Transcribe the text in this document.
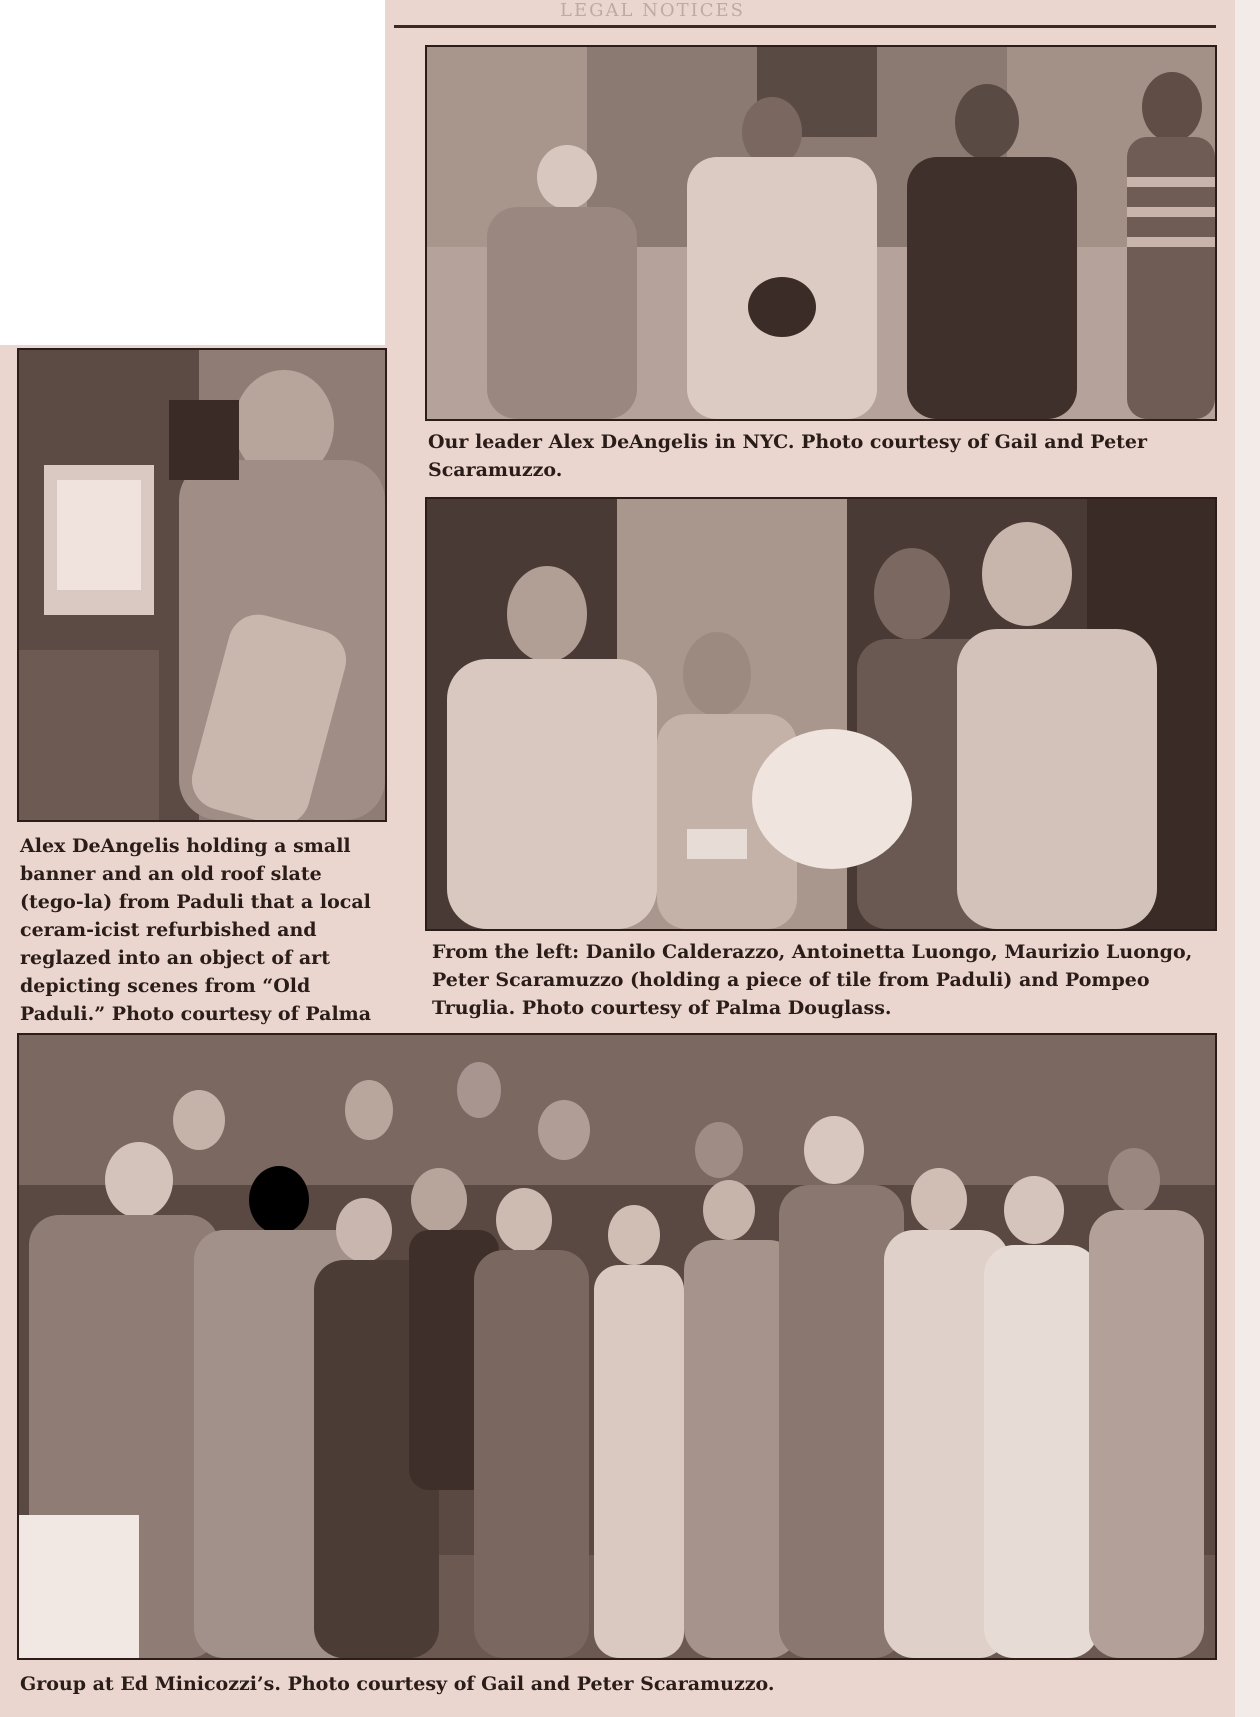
LEGAL NOTICES
Our leader Alex DeAngelis in NYC. Photo courtesy of Gail and Peter Scaramuzzo.
Alex DeAngelis holding a small banner and an old roof slate (tego-la) from Paduli that a local ceram-icist refurbished and reglazed into an object of art depicting scenes from “Old Paduli.” Photo courtesy of Palma
From the left: Danilo Calderazzo, Antoinetta Luongo, Maurizio Luongo, Peter Scaramuzzo (holding a piece of tile from Paduli) and Pompeo Truglia. Photo courtesy of Palma Douglass.
Group at Ed Minicozzi’s. Photo courtesy of Gail and Peter Scaramuzzo.
